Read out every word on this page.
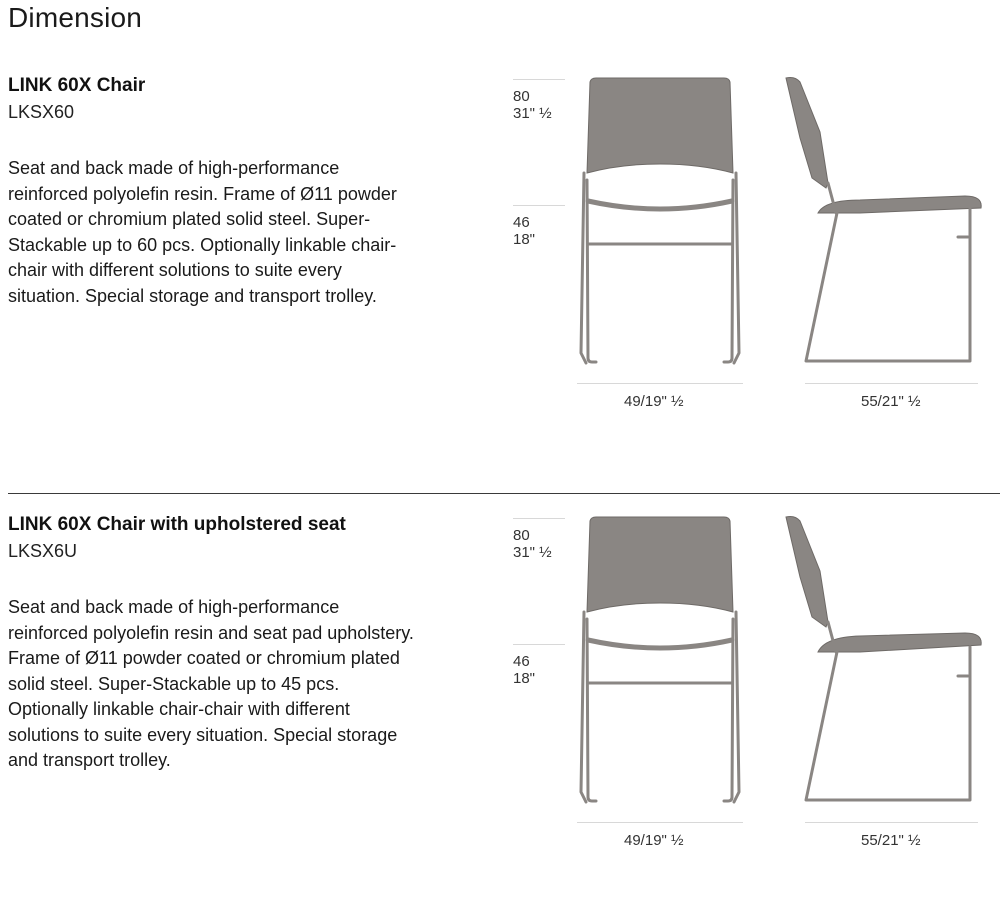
Dimension
LINK 60X Chair
LKSX60
Seat and back made of high-performance
reinforced polyolefin resin. Frame of Ø11 powder
coated or chromium plated solid steel. Super-
Stackable up to 60 pcs. Optionally linkable chair-
chair with different solutions to suite every
situation. Special storage and transport trolley.
80
31" ½
46
18"
49/19" ½	55/21" ½
LINK 60X Chair with upholstered seat
LKSX6U
Seat and back made of high-performance
reinforced polyolefin resin and seat pad upholstery.
Frame of Ø11 powder coated or chromium plated
solid steel. Super-Stackable up to 45 pcs.
Optionally linkable chair-chair with different
solutions to suite every situation. Special storage
and transport trolley.
80
31" ½
46
18"
49/19" ½	55/21" ½
